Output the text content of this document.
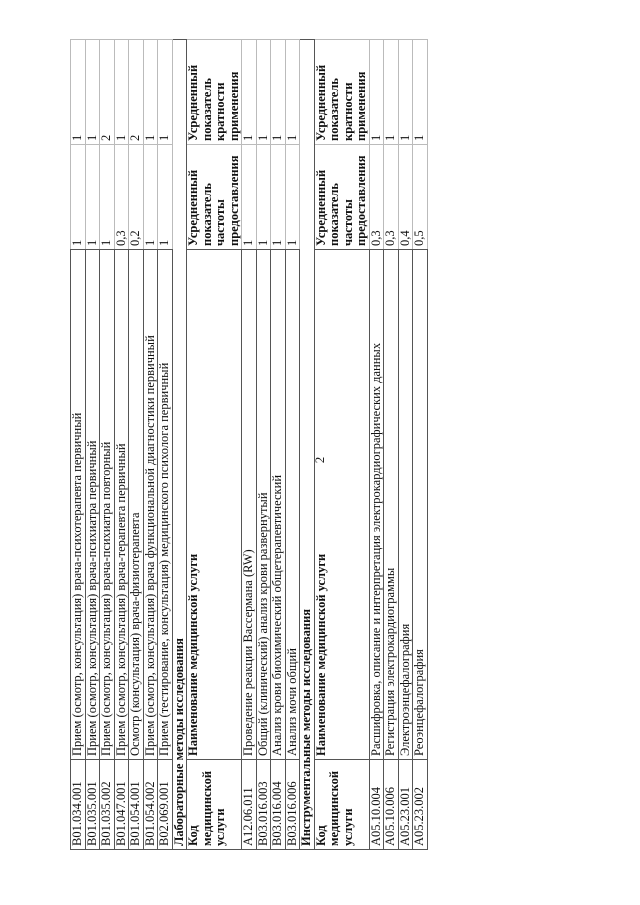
2
B01.034.001	Прием (осмотр, консультация) врача-психотерапевта первичный	1	1
B01.035.001	Прием (осмотр, консультация) врача-психиатра первичный	1	1
B01.035.002	Прием (осмотр, консультация) врача-психиатра повторный	1	2
B01.047.001	Прием (осмотр, консультация) врача-терапевта первичный	0,3	1
B01.054.001	Осмотр (консультация) врача-физиотерапевта	0,2	2
B01.054.002	Прием (осмотр, консультация) врача функциональной диагностики первичный	1	1
B02.069.001	Прием (тестирование, консультация) медицинского психолога первичный	1	1
Лабораторные методы исследования			
Код медицинской услуги	Наименование медицинской услуги	Усредненный показатель частоты предоставления	Усредненный показатель кратности применения
A12.06.011	Проведение реакции Вассермана (RW)	1	1
B03.016.003	Общий (клинический) анализ крови развернутый	1	1
B03.016.004	Анализ крови биохимический общетерапевтический	1	1
B03.016.006	Анализ мочи общий	1	1
Инструментальные методы исследования			
Код медицинской услуги	Наименование медицинской услуги	Усредненный показатель частоты предоставления	Усредненный показатель кратности применения
A05.10.004	Расшифровка, описание и интерпретация электрокардиографических данных	0,3	1
A05.10.006	Регистрация электрокардиограммы	0,3	1
A05.23.001	Электроэнцефалография	0,4	1
A05.23.002	Реоэнцефалография	0,5	1
